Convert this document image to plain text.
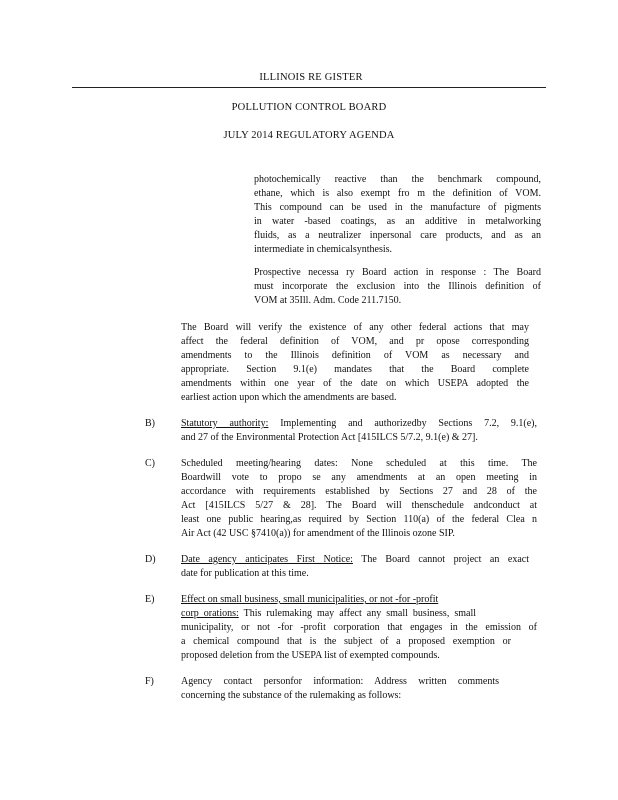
ILLINOIS RE GISTER
POLLUTION CONTROL BOARD
JULY 2014 REGULATORY AGENDA
photochemically reactive than the benchmark compound,
ethane, which is also exempt fro m the definition of VOM.
This compound can be used in the manufacture of pigments
in water -based coatings, as an additive in metalworking
fluids, as a neutralizer inpersonal care products, and as an
intermediate in chemicalsynthesis.
Prospective necessa ry Board action in response : The Board
must incorporate the exclusion into the Illinois definition of
VOM at 35Ill. Adm. Code 211.7150.
The Board will verify the existence of any other federal actions that may
affect the federal definition of VOM, and pr opose corresponding
amendments to the Illinois definition of VOM as necessary and
appropriate. Section 9.1(e) mandates that the Board complete
amendments within one year of the date on which USEPA adopted the
earliest action upon which the amendments are based.
B)	Statutory authority: Implementing and authorizedby Sections 7.2, 9.1(e),
and 27 of the Environmental Protection Act [415ILCS 5/7.2, 9.1(e) & 27].
C)	Scheduled meeting/hearing dates: None scheduled at this time. The
Boardwill vote to propo se any amendments at an open meeting in
accordance with requirements established by Sections 27 and 28 of the
Act [415ILCS 5/27 & 28]. The Board will thenschedule andconduct at
least one public hearing,as required by Section 110(a) of the federal Clea n
Air Act (42 USC §7410(a)) for amendment of the Illinois ozone SIP.
D)	Date agency anticipates First Notice: The Board cannot project an exact
date for publication at this time.
E)	Effect on small business, small municipalities, or not -for -profit
corp orations: This rulemaking may affect any small business, small
municipality, or not -for -profit corporation that engages in the emission of
a chemical compound that is the subject of a proposed exemption or
proposed deletion from the USEPA list of exempted compounds.
F)	Agency contact personfor information: Address written comments
concerning the substance of the rulemaking as follows:
